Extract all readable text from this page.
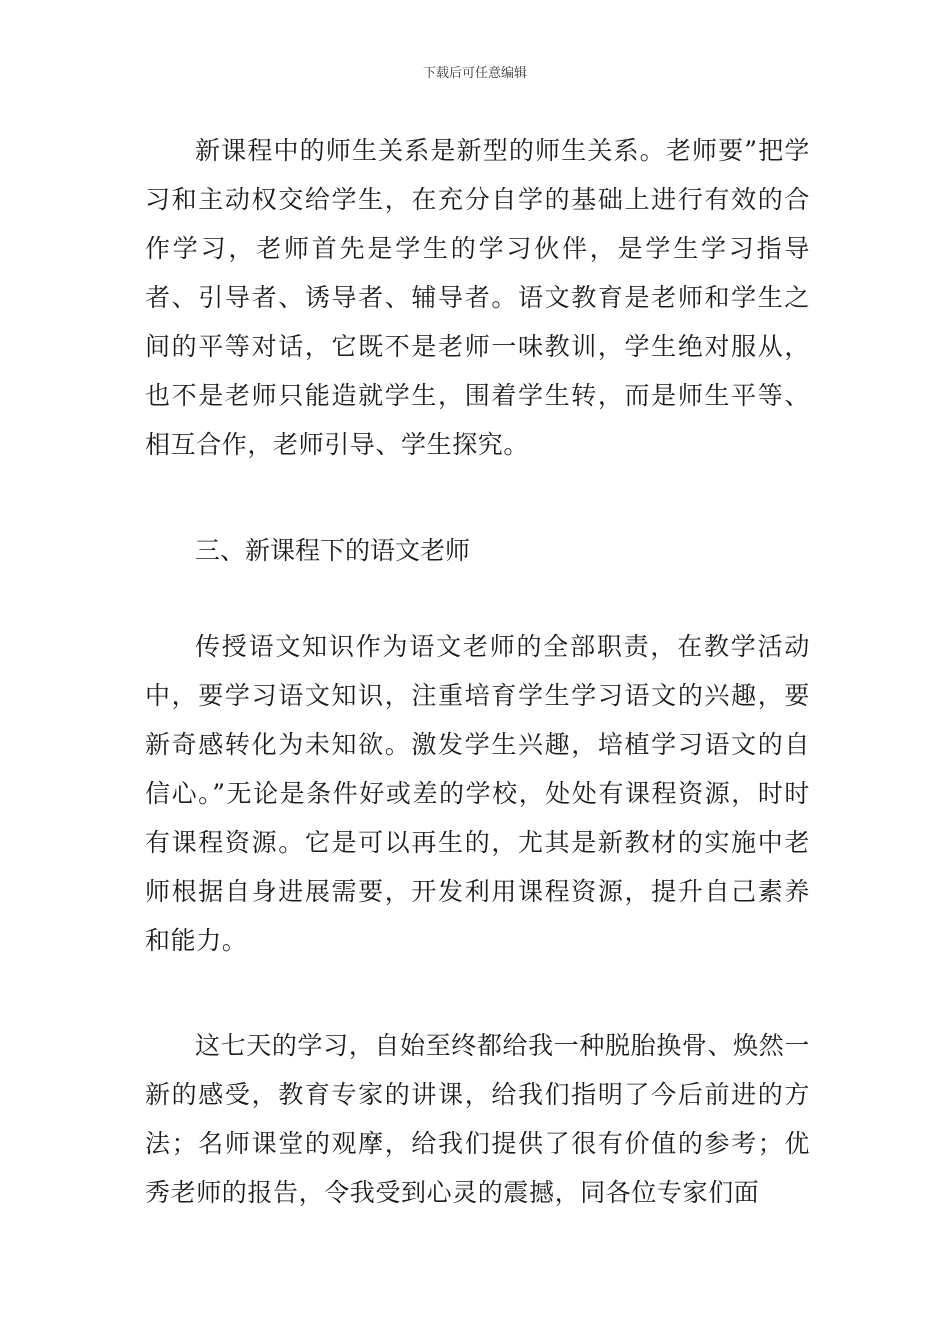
下载后可任意编辑

新课程中的师生关系是新型的师生关系。老师要”把学习和主动权交给学生，在充分自学的基础上进行有效的合作学习，老师首先是学生的学习伙伴，是学生学习指导者、引导者、诱导者、辅导者。语文教育是老师和学生之间的平等对话，它既不是老师一味教训，学生绝对服从，也不是老师只能造就学生，围着学生转，而是师生平等、相互合作，老师引导、学生探究。

三、新课程下的语文老师

传授语文知识作为语文老师的全部职责，在教学活动中，要学习语文知识，注重培育学生学习语文的兴趣，要新奇感转化为未知欲。激发学生兴趣，培植学习语文的自信心。”无论是条件好或差的学校，处处有课程资源，时时有课程资源。它是可以再生的，尤其是新教材的实施中老师根据自身进展需要，开发利用课程资源，提升自己素养和能力。

这七天的学习，自始至终都给我一种脱胎换骨、焕然一新的感受，教育专家的讲课，给我们指明了今后前进的方法；名师课堂的观摩，给我们提供了很有价值的参考；优秀老师的报告，令我受到心灵的震撼，同各位专家们面
